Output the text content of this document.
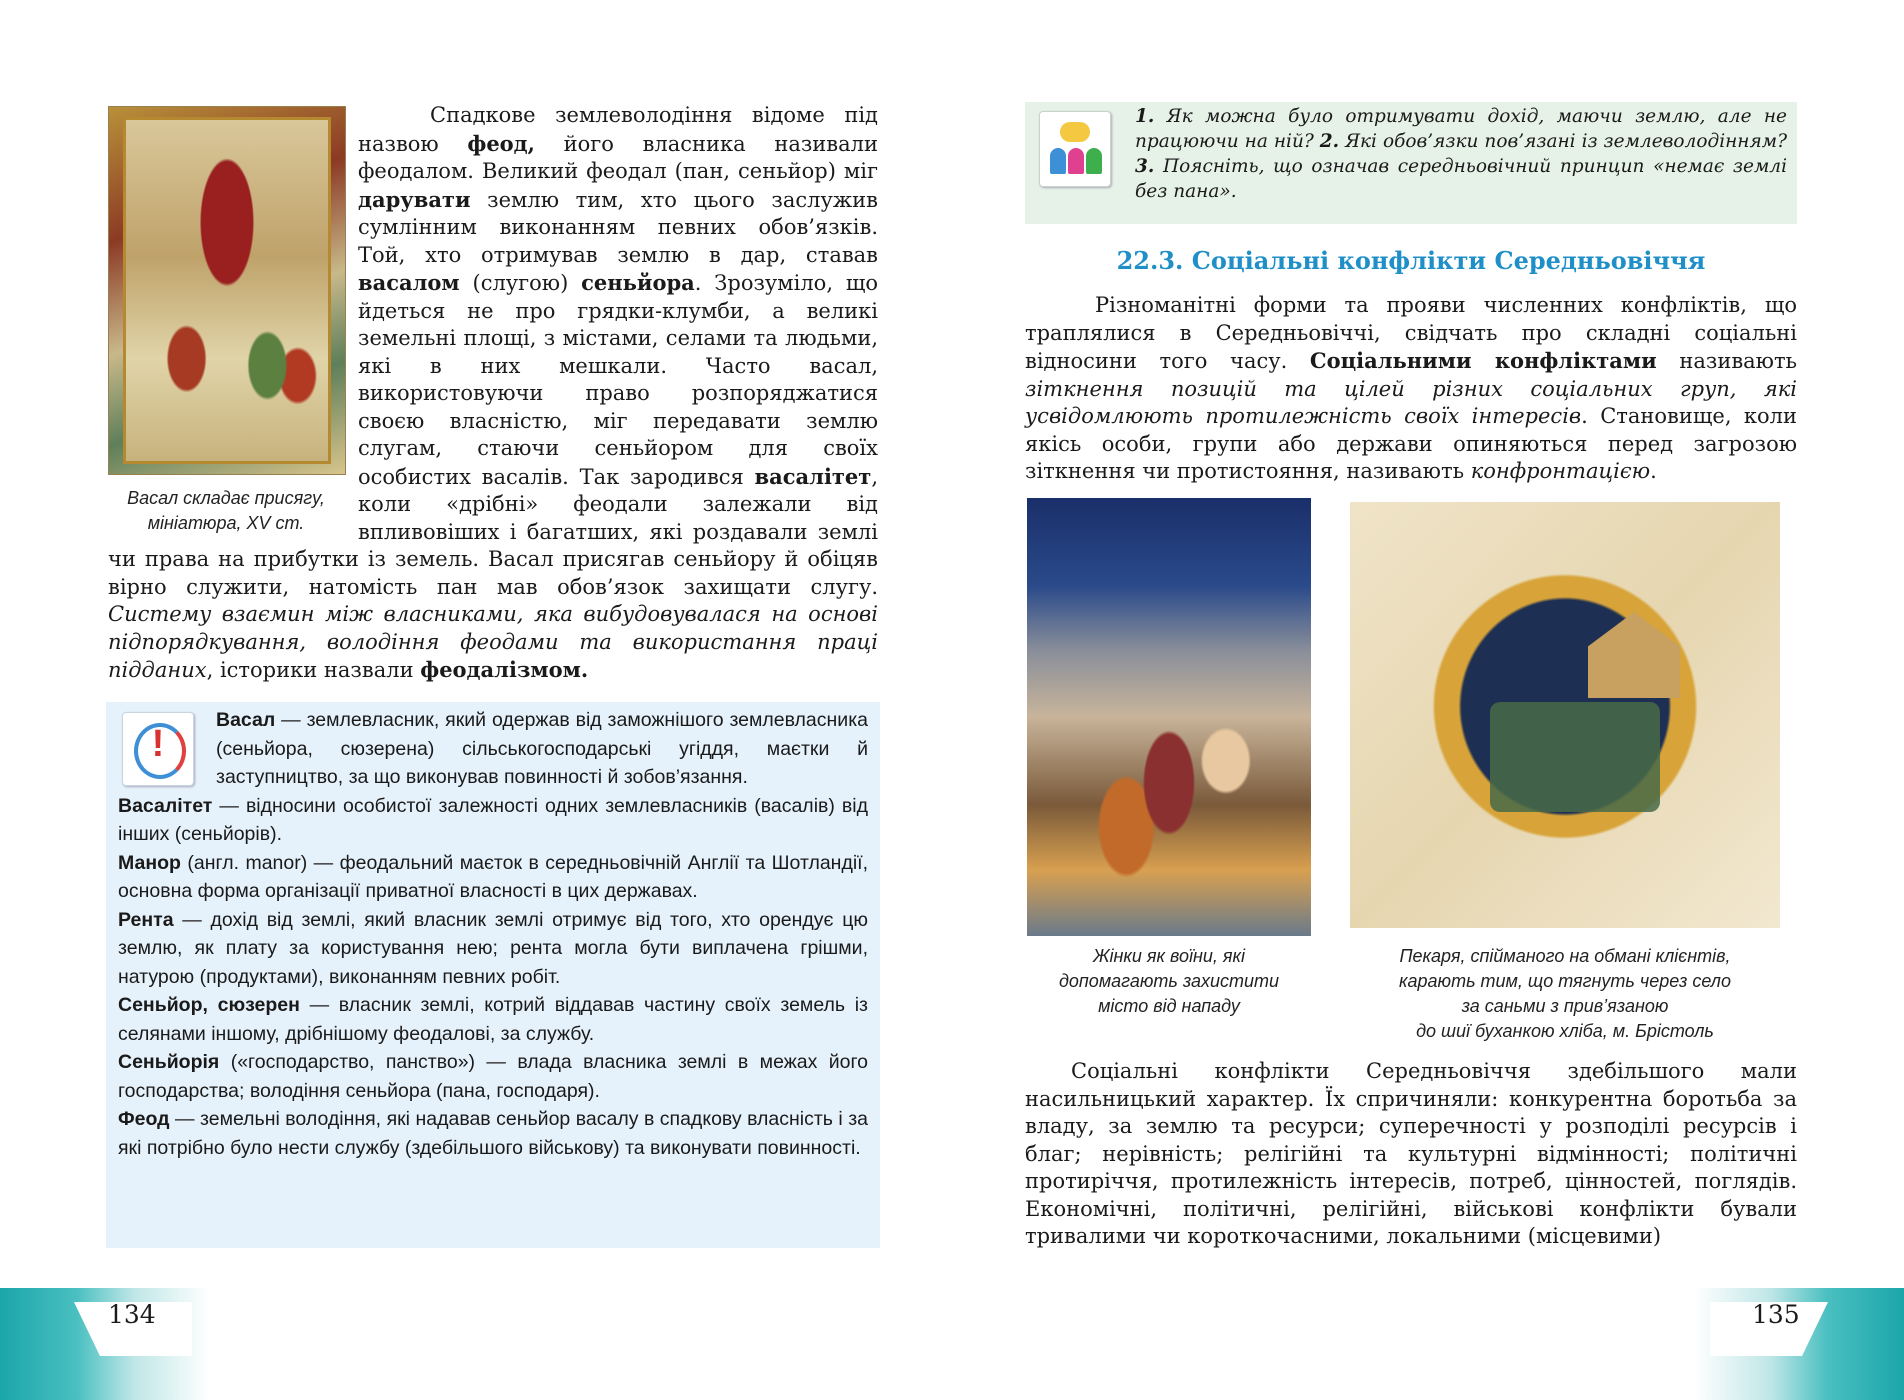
Васал складає присягу,
мініатюра, XV ст.

Спадкове землеволодіння відоме під назвою феод, його власника називали феодалом. Великий феодал (пан, сеньйор) міг дарувати землю тим, хто цього заслужив сумлінним виконанням певних обов’язків. Той, хто отримував землю в дар, ставав васалом (слугою) сеньйора. Зрозуміло, що йдеться не про грядки-клумби, а великі земельні площі, з містами, селами та людьми, які в них мешкали. Часто васал, використовуючи право розпоряджатися своєю власністю, міг передавати землю слугам, стаючи сеньйором для своїх особистих васалів. Так зародився васалітет, коли «дрібні» феодали залежали від впливовіших і багатших, які роздавали землі чи права на прибутки із земель. Васал присягав сеньйору й обіцяв вірно служити, натомість пан мав обов’язок захищати слугу. Систему взаємин між власниками, яка вибудовувалася на основі підпорядкування, володіння феодами та використання праці підданих, історики назвали феодалізмом.

!

Васал — землевласник, який одержав від заможнішого землевласника (сеньйора, сюзерена) сільськогосподарські угіддя, маєтки й заступництво, за що виконував повинності й зобов’язання.

Васалітет — відносини особистої залежності одних землевласників (васалів) від інших (сеньйорів).

Манор (англ. manor) — феодальний маєток в середньовічній Англії та Шотландії, основна форма організації приватної власності в цих державах.

Рента — дохід від землі, який власник землі отримує від того, хто орендує цю землю, як плату за користування нею; рента могла бути виплачена грішми, натурою (продуктами), виконанням певних робіт.

Сеньйор, сюзерен — власник землі, котрий віддавав частину своїх земель із селянами іншому, дрібнішому феодалові, за службу.

Сеньйорія («господарство, панство») — влада власника землі в межах його господарства; володіння сеньйора (пана, господаря).

Феод — земельні володіння, які надавав сеньйор васалу в спадкову власність і за які потрібно було нести службу (здебільшого військову) та виконувати повинності.

134
1. Як можна було отримувати дохід, маючи землю, але не працюючи на ній? 2. Які обов’язки пов’язані із землеволодінням? 3. Поясніть, що означав середньовічний принцип «немає землі без пана».
22.3. Соціальні конфлікти Середньовіччя

Різноманітні форми та прояви численних конфліктів, що траплялися в Середньовіччі, свідчать про складні соціальні відносини того часу. Соціальними конфліктами називають зіткнення позицій та цілей різних соціальних груп, які усвідомлюють протилежність своїх інтересів. Становище, коли якісь особи, групи або держави опиняються перед загрозою зіткнення чи протистояння, називають конфронтацією.

Жінки як воїни, які
допомагають захистити
місто від нападу
Пекаря, спійманого на обмані клієнтів,
карають тим, що тягнуть через село
за саньми з прив’язаною
до шиї буханкою хліба, м. Брістоль

Соціальні конфлікти Середньовіччя здебільшого мали насильницький характер. Їх спричиняли: конкурентна боротьба за владу, за землю та ресурси; суперечності у розподілі ресурсів і благ; нерівність; релігійні та культурні відмінності; політичні протиріччя, протилежність інтересів, потреб, цінностей, поглядів. Економічні, політичні, релігійні, військові конфлікти бували тривалими чи короткочасними, локальними (місцевими)

135
